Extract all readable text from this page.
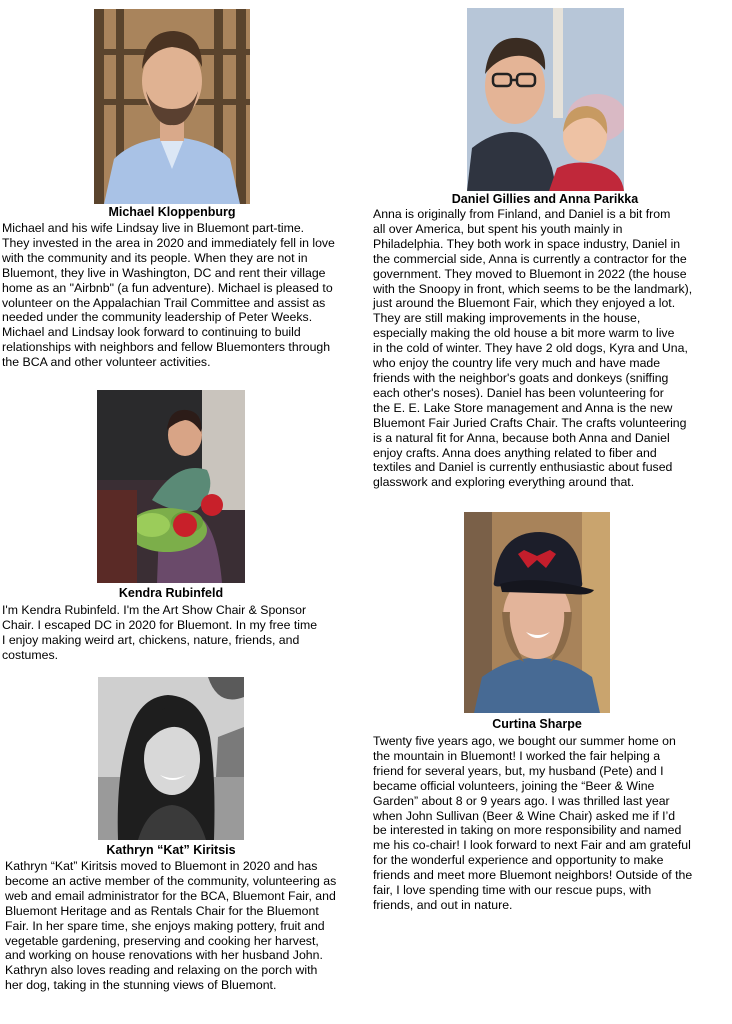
Michael Kloppenburg
Michael and his wife Lindsay live in Bluemont part-time.
They invested in the area in 2020 and immediately fell in love
with the community and its people. When they are not in
Bluemont, they live in Washington, DC and rent their village
home as an "Airbnb" (a fun adventure). Michael is pleased to
volunteer on the Appalachian Trail Committee and assist as
needed under the community leadership of Peter Weeks.
Michael and Lindsay look forward to continuing to build
relationships with neighbors and fellow Bluemonters through
the BCA and other volunteer activities.
Daniel Gillies and Anna Parikka
Anna is originally from Finland, and Daniel is a bit from
all over America, but spent his youth mainly in
Philadelphia. They both work in space industry, Daniel in
the commercial side, Anna is currently a contractor for the
government. They moved to Bluemont in 2022 (the house
with the Snoopy in front, which seems to be the landmark),
just around the Bluemont Fair, which they enjoyed a lot.
They are still making improvements in the house,
especially making the old house a bit more warm to live
in the cold of winter. They have 2 old dogs, Kyra and Una,
who enjoy the country life very much and have made
friends with the neighbor's goats and donkeys (sniffing
each other's noses). Daniel has been volunteering for
the E. E. Lake Store management and Anna is the new
Bluemont Fair Juried Crafts Chair. The crafts volunteering
is a natural fit for Anna, because both Anna and Daniel
enjoy crafts. Anna does anything related to fiber and
textiles and Daniel is currently enthusiastic about fused
glasswork and exploring everything around that.
Kendra Rubinfeld
I'm Kendra Rubinfeld. I'm the Art Show Chair & Sponsor
Chair. I escaped DC in 2020 for Bluemont. In my free time
I enjoy making weird art, chickens, nature, friends, and
costumes.
Curtina Sharpe
Twenty five years ago, we bought our summer home on
the mountain in Bluemont! I worked the fair helping a
friend for several years, but, my husband (Pete) and I
became official volunteers, joining the “Beer & Wine
Garden” about 8 or 9 years ago. I was thrilled last year
when John Sullivan (Beer & Wine Chair) asked me if I’d
be interested in taking on more responsibility and named
me his co-chair! I look forward to next Fair and am grateful
for the wonderful experience and opportunity to make
friends and meet more Bluemont neighbors! Outside of the
fair, I love spending time with our rescue pups, with
friends, and out in nature.
Kathryn “Kat” Kiritsis
Kathryn “Kat” Kiritsis moved to Bluemont in 2020 and has
become an active member of the community, volunteering as
web and email administrator for the BCA, Bluemont Fair, and
Bluemont Heritage and as Rentals Chair for the Bluemont
Fair. In her spare time, she enjoys making pottery, fruit and
vegetable gardening, preserving and cooking her harvest,
and working on house renovations with her husband John.
Kathryn also loves reading and relaxing on the porch with
her dog, taking in the stunning views of Bluemont.
